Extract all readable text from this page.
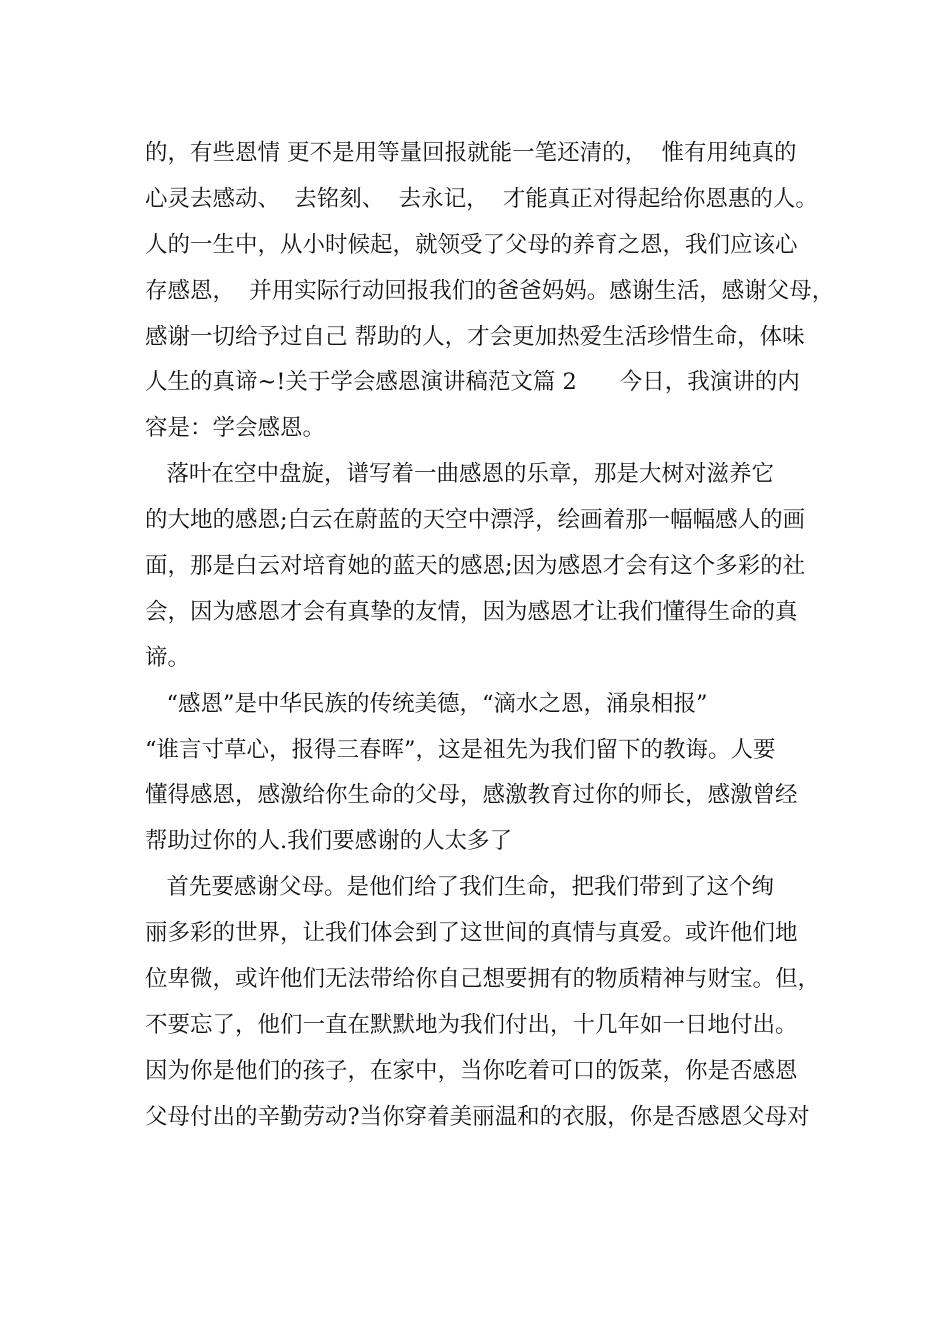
的，有些恩情 更不是用等量回报就能一笔还清的，  惟有用纯真的
心灵去感动、  去铭刻、  去永记，  才能真正对得起给你恩惠的人。
人的一生中，从小时候起，就领受了父母的养育之恩，我们应该心
存感恩，  并用实际行动回报我们的爸爸妈妈。感谢生活，感谢父母，
感谢一切给予过自己 帮助的人，才会更加热爱生活珍惜生命，体味
人生的真谛~!关于学会感恩演讲稿范文篇 2      今日，我演讲的内
容是：学会感恩。
落叶在空中盘旋，谱写着一曲感恩的乐章，那是大树对滋养它
的大地的感恩;白云在蔚蓝的天空中漂浮，绘画着那一幅幅感人的画
面，那是白云对培育她的蓝天的感恩;因为感恩才会有这个多彩的社
会，因为感恩才会有真挚的友情，因为感恩才让我们懂得生命的真
谛。
“感恩”是中华民族的传统美德，“滴水之恩，涌泉相报”
“谁言寸草心，报得三春晖”，这是祖先为我们留下的教诲。人要
懂得感恩，感激给你生命的父母，感激教育过你的师长，感激曾经
帮助过你的人.我们要感谢的人太多了
首先要感谢父母。是他们给了我们生命，把我们带到了这个绚
丽多彩的世界，让我们体会到了这世间的真情与真爱。或许他们地
位卑微，或许他们无法带给你自己想要拥有的物质精神与财宝。但，
不要忘了，他们一直在默默地为我们付出，十几年如一日地付出。
因为你是他们的孩子，在家中，当你吃着可口的饭菜，你是否感恩
父母付出的辛勤劳动?当你穿着美丽温和的衣服，你是否感恩父母对
